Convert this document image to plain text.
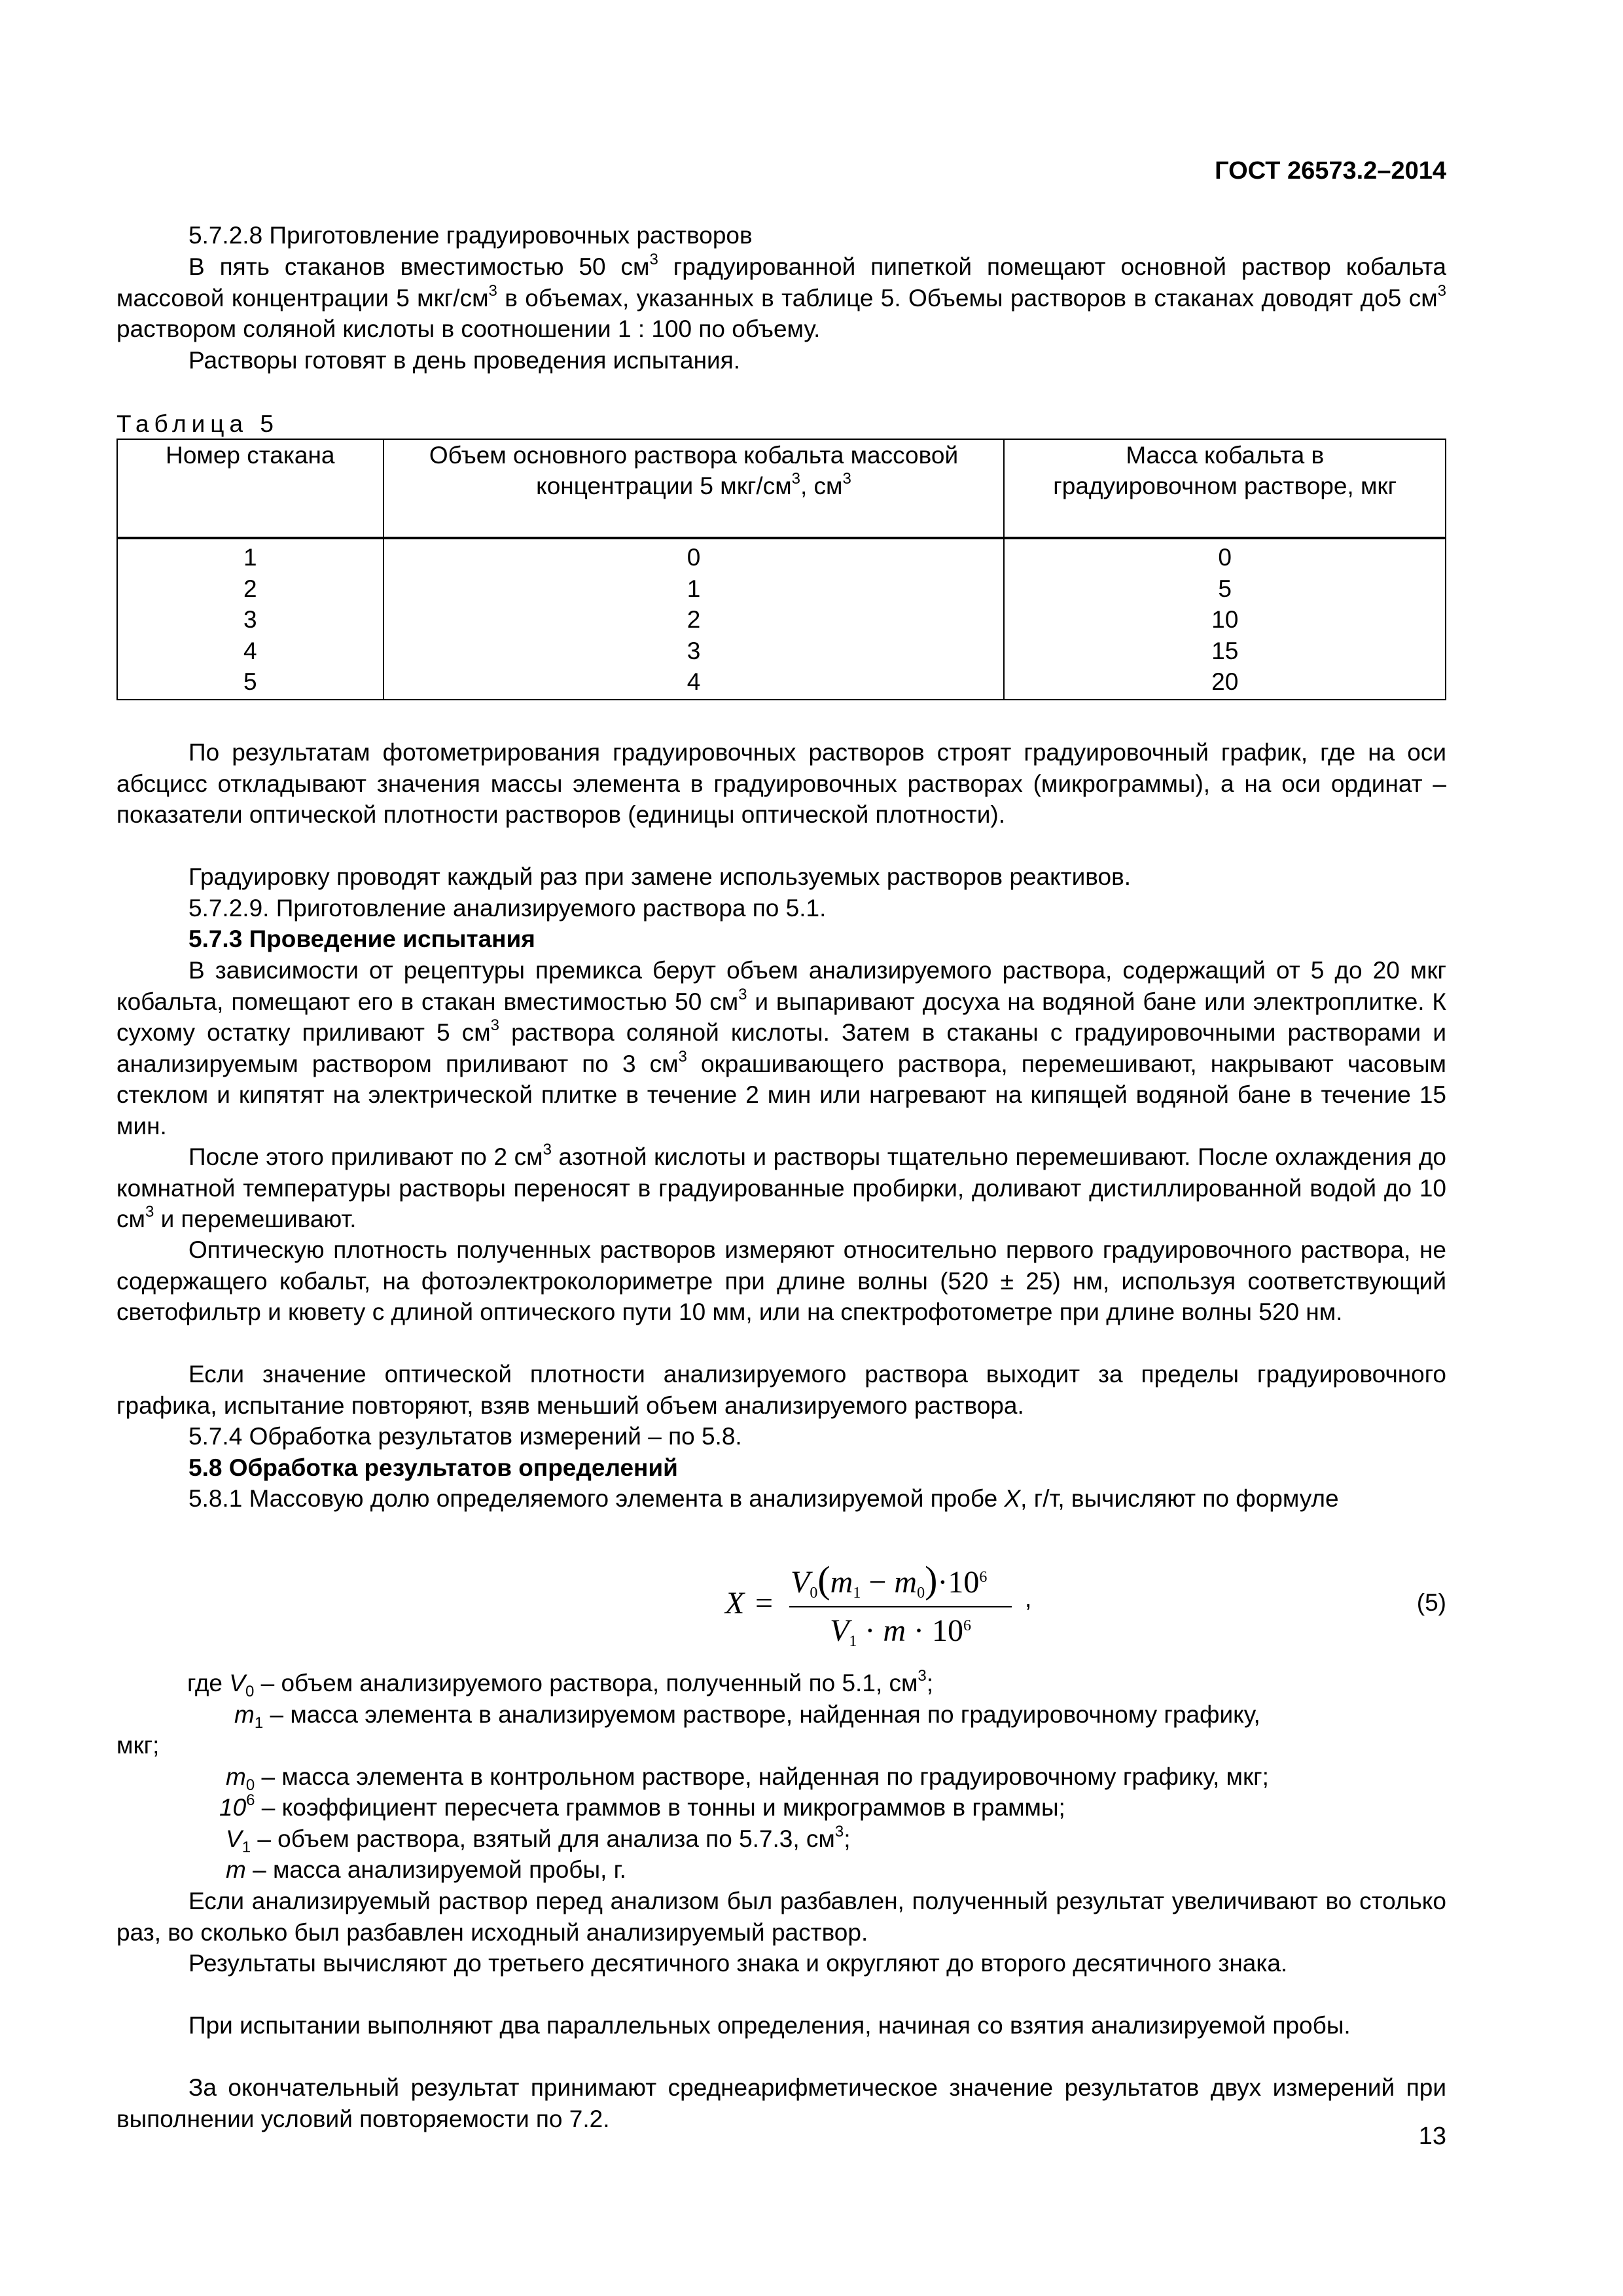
ГОСТ 26573.2–2014
5.7.2.8 Приготовление градуировочных растворов
В пять стаканов вместимостью 50 $см^3$ градуированной пипеткой помещают основной раствор кобальта массовой концентрации 5 мкг/$см^3$ в объемах, указанных в таблице 5. Объемы растворов в стаканах доводят до5 $см^3$ раствором соляной кислоты в соотношении 1 : 100 по объему.
Растворы готовят в день проведения испытания.
Таблица 5
Номер стакана	Объем основного раствора кобальта массовой концентрации 5 мкг/$см^3$, $см^3$	Масса кобальта в градуировочном растворе, мкг
1	0	0
2	1	5
3	2	10
4	3	15
5	4	20
По результатам фотометрирования градуировочных растворов строят градуировочный график, где на оси абсцисс откладывают значения массы элемента в градуировочных растворах (микрограммы), а на оси ординат – показатели оптической плотности растворов (единицы оптической плотности).
Градуировку проводят каждый раз при замене используемых растворов реактивов.
5.7.2.9. Приготовление анализируемого раствора по 5.1.
5.7.3 Проведение испытания
В зависимости от рецептуры премикса берут объем анализируемого раствора, содержащий от 5 до 20 мкг кобальта, помещают его в стакан вместимостью 50 $см^3$ и выпаривают досуха на водяной бане или электроплитке. К сухому остатку приливают 5 $см^3$ раствора соляной кислоты. Затем в стаканы с градуировочными растворами и анализируемым раствором приливают по 3 $см^3$ окрашивающего раствора, перемешивают, накрывают часовым стеклом и кипятят на электрической плитке в течение 2 мин или нагревают на кипящей водяной бане в течение 15 мин.
После этого приливают по 2 $см^3$ азотной кислоты и растворы тщательно перемешивают. После охлаждения до комнатной температуры растворы переносят в градуированные пробирки, доливают дистиллированной водой до 10 $см^3$ и перемешивают.
Оптическую плотность полученных растворов измеряют относительно первого градуировочного раствора, не содержащего кобальт, на фотоэлектроколориметре при длине волны (520 ± 25) нм, используя соответствующий светофильтр и кювету с длиной оптического пути 10 мм, или на спектрофотометре при длине волны 520 нм.
Если значение оптической плотности анализируемого раствора выходит за пределы градуировочного графика, испытание повторяют, взяв меньший объем анализируемого раствора.
5.7.4 Обработка результатов измерений – по 5.8.
5.8 Обработка результатов определений
5.8.1 Массовую долю определяемого элемента в анализируемой пробе X, г/т, вычисляют по формуле
X =
$V_0(m_1 - m_0)\cdot 10^6$
$V_1 \cdot m \cdot 10^6$
,	(5)
где $V_0$ – объем анализируемого раствора, полученный по 5.1, $см^3$;
$m_1$ – масса элемента в анализируемом растворе, найденная по градуировочному графику,
мкг;
$m_0$ – масса элемента в контрольном растворе, найденная по градуировочному графику, мкг;
$10^6$ – коэффициент пересчета граммов в тонны и микрограммов в граммы;
$V_1$ – объем раствора, взятый для анализа по 5.7.3, $см^3$;
m – масса анализируемой пробы, г.
Если анализируемый раствор перед анализом был разбавлен, полученный результат увеличивают во столько раз, во сколько был разбавлен исходный анализируемый раствор.
Результаты вычисляют до третьего десятичного знака и округляют до второго десятичного знака.
При испытании выполняют два параллельных определения, начиная со взятия анализируемой пробы.
За окончательный результат принимают среднеарифметическое значение результатов двух измерений при выполнении условий повторяемости по 7.2.
13
